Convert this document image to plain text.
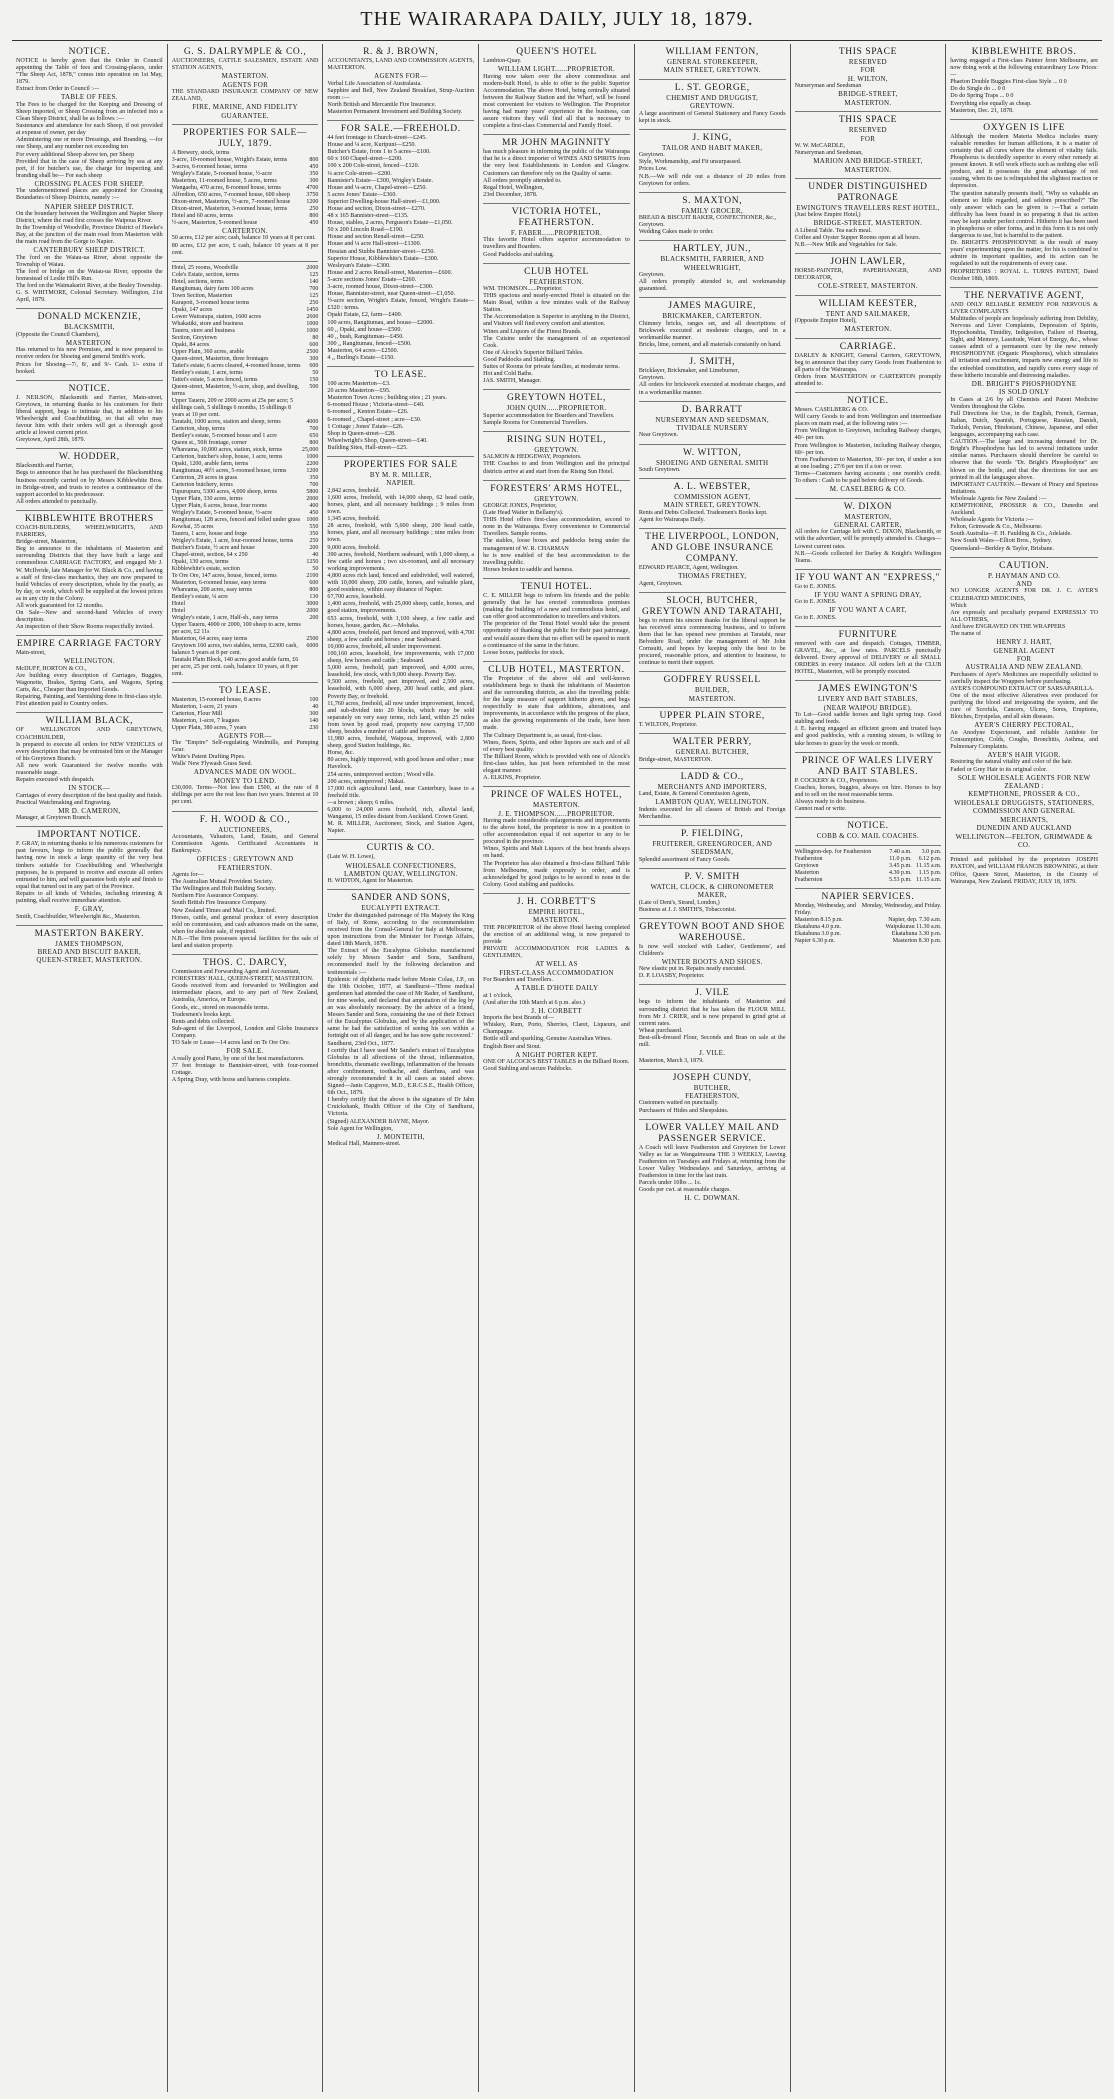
THE WAIRARAPA DAILY, JULY 18, 1879.
NOTICE.
NOTICE is hereby given that the Order in Council appointing the Table of fees and Crossing-places, under "The Sheep Act, 1878," comes into operation on 1st May, 1879.
Extract from Order in Council :—
TABLE OF FEES.
The Fees to be charged for the Keeping and Dressing of Sheep imported, or Sheep Crossing from an infected into a Clean Sheep District, shall be as follows :—
Sustenance and attendance for each Sheep, if not provided at expense of owner, per day
Administering one or more Dressings, and Branding, —for one Sheep, and any number not exceeding ten
For every additional Sheep above ten, per Sheep
Provided that in the case of Sheep arriving by sea at any port, if for butcher's use, the charge for inspecting and branding shall be— For each sheep
CROSSING PLACES FOR SHEEP.
The undermentioned places are appointed for Crossing Boundaries of Sheep Districts, namely :—
NAPIER SHEEP DISTRICT.
On the boundary between the Wellington and Napier Sheep District, where the road first crosses the Waipoua River.
In the Township of Woodville, Province District of Hawke's Bay, at the junction of the main road from Masterton with the main road from the Gorge to Napier.
CANTERBURY SHEEP DISTRICT.
The ford on the Waiau-ua River, about opposite the Township of Waiau.
The ford or bridge on the Waiau-ua River, opposite the homestead of Leslie Hill's Run.
The ford on the Waimakariri River, at the Bealey Township.
G. S. WHITMORE, Colonial Secretary. Wellington, 21st April, 1879.
DONALD MCKENZIE,
BLACKSMITH,
(Opposite the Council Chambers),
MASTERTON.
Has returned to his new Premises, and is now prepared to receive orders for Shoeing and general Smith's work.
Prices for Shoeing—7/, 8/, and 9/- Cash. 1/- extra if booked.
NOTICE.
J. NEILSON, Blacksmith and Farrier, Main-street, Greytown, in returning thanks to his customers for their liberal support, begs to intimate that, in addition to his Wheelwright and Coachbuilding, so that all who may favour him with their orders will get a thorough good article at lowest current price.
Greytown, April 28th, 1879.
W. HODDER,
Blacksmith and Farrier,
Begs to announce that he has purchased the Blacksmithing business recently carried on by Messrs Kibblewhite Bros. in Bridge-street, and trusts to receive a continuance of the support accorded to his predecessor.
All orders attended to punctually.
KIBBLEWHITE BROTHERS
COACH-BUILDERS, WHEELWRIGHTS, AND FARRIERS,
Bridge-street, Masterton,
Beg to announce to the inhabitants of Masterton and surrounding Districts that they have built a large and commodious CARRIAGE FACTORY, and engaged Mr J. W. McIlvride, late Manager for W. Black & Co., and having a staff of first-class mechanics, they are now prepared to build Vehicles of every description, whole by the yearly, as by day, or work, which will be supplied at the lowest prices as in any city in the Colony.
All work guaranteed for 12 months.
On Sale—New and second-hand Vehicles of every description.
An inspection of their Show Rooms respectfully invited.
EMPIRE CARRIAGE FACTORY
Main-street,
WELLINGTON.
McDUFF, HORTON & CO.,
Are building every description of Carriages, Buggies, Wagonette, Brakes, Spring Carts, and Wagons, Spring Carts, &c., Cheaper than Imported Goods.
Repairing, Painting, and Varnishing done in first-class style.
First attention paid to Country orders.
WILLIAM BLACK,
OF WELLINGTON AND GREYTOWN, COACHBUILDER,
Is prepared to execute all orders for NEW VEHICLES of every description that may be entrusted him or the Manager of his Greytown Branch.
All new work Guaranteed for twelve months with reasonable usage.
Repairs executed with despatch.
IN STOCK—
Carriages of every description of the best quality and finish.
Practical Watchmaking and Engraving.
MR D. CAMERON,
Manager, at Greytown Branch.
IMPORTANT NOTICE.
F. GRAY, in returning thanks to his numerous customers for past favours, begs to inform the public generally that having now in stock a large quantity of the very best timbers suitable for Coachbuilding and Wheelwright purposes, he is prepared to receive and execute all orders entrusted to him, and will guarantee both style and finish to equal that turned out in any part of the Province.
Repairs to all kinds of Vehicles, including trimming & painting, shall receive immediate attention.
F. GRAY,
Smith, Coachbuilder, Wheelwright &c., Masterton.
MASTERTON BAKERY.
JAMES THOMPSON,
BREAD AND BISCUIT BAKER,
QUEEN-STREET, MASTERTON.
G. S. DALRYMPLE & CO.,
AUCTIONEERS, CATTLE SALESMEN, ESTATE AND STATION AGENTS,
MASTERTON.
AGENTS FOR
THE STANDARD INSURANCE COMPANY OF NEW ZEALAND,
FIRE, MARINE, AND FIDELITY GUARANTEE.
PROPERTIES FOR SALE—JULY, 1879.
A Brewery, stock, terms	
3-acre, 10-roomed house, Wright's Estate, terms	800
3-acres, 6-roomed house, terms	450
Wrigley's Estate, 5-roomed house, ½-acre	350
Masterton, 11-roomed house, 5 acres, terms	300
Wangaehu, 470 acres, 8-roomed house, terms	4700
Alfredton, 650 acres, 7-roomed house, 600 sheep	3750
Dixon-street, Masterton, ½-acre, 7-roomed house	1200
Dixon-street, Masterton, 3-roomed house, terms	250
Hotel and 60 acres, terms	800
½-acre, Masterton, 5-roomed house	450
CARTERTON.
50 acres, £12 per acre; cash, balance 10 years at 8 per cent.
80 acres, £12 per acre, £ cash, balance 10 years at 8 per cent.
Hotel, 25 rooms, Woodville	2000
Cole's Estate, section, terms	125
Hotel, sections, terms	140
Rangitumau, dairy farm 100 acres	700
Town Section, Masterton	125
Karapoti, 3-roomed house terms	250
Opaki, 147 acres	1450
Lower Wairarapa, station, 1600 acres	2600
Whakatiki, store and business	1000
Taueru, store and business	1000
Section, Greytown	80
Opaki, 84 acres	600
Upper Plain, 360 acres, arable	2500
Queen-street, Masterton, three frontages	300
Taitei's estate, 6 acres cleared, 4-roomed house, terms	600
Bentley's estate, 1 acre, terms	50
Taitei's estate, 5 acres fenced, terms	150
Queen-street, Masterton, ½-acre, shop, and dwelling, terms	500
Upper Taueru, 209 or 2000 acres at 25s per acre; 5 shillings cash, 5 shillings 6 months, 15 shillings 8 years at 10 per cent.	
Taratahi, 1000 acres, station and sheep, terms	4000
Carterton, shop, terms	700
Bentley's estate, 5-roomed house and 1 acre	650
Queen st., 50ft frontage, corner	800
Whareama, 10,000 acres, station, stock, terms	25,000
Carterton, butcher's shop, house, 1 acre, terms	1000
Opaki, 1200, arable farm, terms	2200
Rangitumau, 46½ acres, 5-roomed house, terms	1200
Carterton, 29 acres in grass	350
Carterton butchery, terms	700
Tupurupuru, 5300 acres, 4,000 sheep, terms	5800
Upper Plain, 330 acres, terms	2000
Upper Plain, 6 acres, house, four rooms	400
Wrigley's Estate, 5-roomed house, ½-acre	450
Rangitumau, 128 acres, fenced and felled under grass	1000
Kowhai, 35 acres	550
Taueru, 1 acre, house and forge	350
Wrigley's Estate, 1 acre, four-roomed house, terms	250
Butcher's Estate, ½ acre and house	200
Chapel-street, section, 64 x 250	40
Opaki, 130 acres, terms	1250
Kibblewhite's estate, section	50
Te Ore Ore, 147 acres, house, fenced, terms	2100
Masterton, 6-roomed house, easy terms	600
Whareama, 200 acres, easy terms	800
Bentley's estate, ¼ acre	130
Hotel	3000
Hotel	2000
Wrigley's estate, 1 acre, Half-sh., easy terms	200
Upper Taueru, 4000 or 2000, 100 sheep to acre, terms per acre, £2 11s	
Masterton, 64 acres, easy terms	2500
Greytown 160 acres, two stables, terms, £2300 cash, balance 5 years at 8 per cent.	6000
Taratahi Plain Block, 140 acres good arable farm, £6 per acre, 25 per cent. cash, balance 10 years, at 8 per cent.	
TO LEASE.
Masterton, 15-roomed house, 8 acres	100
Masterton, 1-acre, 21 years	40
Carterton, Flour Mill	300
Masterton, 1-acre, 7 leagues	140
Upper Plain, 380 acres, 7 years	230
AGENTS FOR—
The "Empire" Self-regulating Windmills, and Pumping Gear.
White's Patent Drafting Pipes.
Walls' New Flywash Grass Seed.
ADVANCES MADE ON WOOL.
MONEY TO LEND.
£30,000. Terms—Not less than £500, at the rate of 8 shillings per acre the rest less than two years. Interest at 10 per cent.
F. H. WOOD & CO.,
AUCTIONEERS,
Accountants, Valuators, Land, Estate, and General Commission Agents. Certificated Accountants in Bankruptcy.
OFFICES : GREYTOWN AND FEATHERSTON.
Agents for—
The Australian Mutual Provident Society.
The Wellington and Holt Building Society.
Northern Fire Assurance Company.
South British Fire Insurance Company.
New Zealand Times and Mail Co., limited.
Horses, cattle, and general produce of every description sold on commission, and cash advances made on the same, when for absolute sale, if required.
N.B.—The firm possesses special facilities for the sale of land and station property.
THOS. C. DARCY,
Commission and Forwarding Agent and Accountant,
FORESTERS' HALL, QUEEN-STREET, MASTERTON.
Goods received from and forwarded to Wellington and intermediate places, and to any part of New Zealand, Australia, America, or Europe.
Goods, etc., stored on reasonable terms.
Tradesmen's books kept.
Rents and debts collected.
Sub-agent of the Liverpool, London and Globe Insurance Company.
TO Sale or Lease—14 acres land on Te Ore Ore.
FOR SALE.
A really good Piano, by one of the best manufacturers.
77 feet frontage to Bannister-street, with four-roomed Cottage.
A Spring Dray, with horse and harness complete.
R. & J. BROWN,
ACCOUNTANTS, LAND AND COMMISSION AGENTS, MASTERTON.
AGENTS FOR—
Verbal Life Association of Australasia.
Sapphire and Bell, New Zealand Breakfast, Strup-Auction room :—
North British and Mercantile Fire Insurance.
Masterton Permanent Investment and Building Society.
FOR SALE.—FREEHOLD.
44 feet frontage to Church-street—£245.
House and ¼ acre, Kuripuni—£250.
Butcher's Estate, from 1 to 5 acres—£100.
60 x 160 Chapel-street—£200.
100 x 200 Cole-street, fenced—£120.
¼ acre Cole-street—£200.
Bannister's Estate—£300, Wrigley's Estate.
House and ¼-acre, Chapel-street—£250.
5 acres Jones' Estate—£360.
Superior Dwelling-house Hall-street—£1,000.
House and section, Dixon-street—£270.
48 x 165 Bannister-street—£135.
House, stables, 2 acres, Ferguson's Estate—£1,050.
50 x 200 Lincoln Road—£190.
House and section Renall-street—£250.
House and ¼ acre Hall-street—£1300.
Hessian and Stubbs Bannister-street—£250.
Superior House, Kibblewhite's Estate—£300.
Wesleyan's Estate—£300.
House and 2 acres Renall-street, Masterton—£600.
5-acre sections Jones' Estate—£260.
3-acre, roomed house, Dixon-street—£300.
House, Bannister-street, near Queen-street—£1,050.
½-acre section, Wright's Estate, fenced, Wright's Estate—£320 : terms.
Opaki Estate, £2, farm—£400.
100 acres, Rangitumau, and house—£2000.
60 ,, Opaki, and house—£500.
40 ,, bush, Rangitumau—£450.
300 ,, Rangitumau, fenced—£500.
Masterton, 64 acres—£2500.
4 ,, Burling's Estate—£150.
TO LEASE.
100 acres Masterton—£3.
20 acres Masterton—£95.
Masterton Town Acres ; building sites ; 21 years.
6-roomed House ; Victoria-street—£40.
6-roomed ,, Kenton Estate—£26.
6-roomed ,, Chapel-street ; acre—£30.
1 Cottage ; Jones' Estate—£26.
Shop in Queen-street—£28.
Wheelwright's Shop, Queen-street—£40.
Building Sites, Hall-street—£25.
PROPERTIES FOR SALE
BY M. R. MILLER,
NAPIER.
2,842 acres, freehold.
1,600 acres, freehold, with 14,000 sheep, 62 head cattle, horses, plant, and all necessary buildings ; 9 miles from town.
1,345 acres, freehold.
28 acres, freehold, with 5,600 sheep, 200 head cattle, horses, plant, and all necessary buildings ; nine miles from town.
9,000 acres, freehold.
390 acres, freehold, Northern seaboard, with 1,000 sheep, a few cattle and horses ; two six-roomed, and all necessary working improvements.
4,800 acres rich land, fenced and subdivided, well watered, with 10,000 sheep, 200 cattle, horses, and valuable plant, good residence, within easy distance of Napier.
67,700 acres, leasehold.
1,400 acres, freehold, with 25,000 sheep, cattle, horses, and good station, improvements.
653 acres, freehold, with 1,100 sheep, a few cattle and horses, house, garden, &c.—Mohaka.
4,800 acres, freehold, part fenced and improved, with 4,700 sheep, a few cattle and horses ; near Seaboard.
10,000 acres, freehold, all under improvement.
100,160 acres, leasehold, few improvements, with 17,000 sheep, few horses and cattle ; Seaboard.
5,000 acres, freehold, part improved, and 4,000 acres, leasehold, few stock, with 9,000 sheep. Poverty Bay.
9,500 acres, freehold, part improved, and 2,500 acres, leasehold, with 6,000 sheep, 200 head cattle, and plant. Poverty Bay, or freehold.
11,760 acres, freehold, all now under improvement, fenced, and sub-divided into 20 blocks, which may be sold separately on very easy terms, rich land, within 25 miles from town by good road, property now carrying 17,500 sheep, besides a number of cattle and horses.
11,980 acres, freehold, Waipoua, improved, with 2,800 sheep, good Station buildings, &c.
Horse, &c.
80 acres, highly improved, with good house and other ; near Havelock.
254 acres, unimproved section ; Wood ville.
200 acres, unimproved ; Makai.
17,000 rich agricultural land, near Canterbury, lease to a freehold title.
—a brown ; sheep; 6 miles.
6,000 to 24,000 acres freehold, rich, alluvial land, Wanganui, 15 miles distant from Auckland. Crown Grant.
M. R. MILLER, Auctioneer, Stock, and Station Agent, Napier.
CURTIS & CO.
(Late W. H. Lowe),
WHOLESALE CONFECTIONERS,
LAMBTON QUAY, WELLINGTON.
H. WIDTON, Agent for Masterton.
SANDER AND SONS,
EUCALYPTI EXTRACT.
Under the distinguished patronage of His Majesty the King of Italy, of Rome, according to the recommendation received from the Consul-General for Italy at Melbourne, upon instructions from the Minister for Foreign Affairs, dated 18th March, 1878.
The Extract of the Eucalyptus Globulus manufactured solely by Messrs Sander and Sons, Sandhurst, recommended itself by the following declaration and testimonials :—
Epidemic of diphtheria made before Monte Colau, J.P., on the 19th October, 1877, at Sandhurst—'Three medical gentlemen had attended the case of Mr Rader, of Sandhurst, for nine weeks, and declared that amputation of the leg by an was absolutely necessary. By the advice of a friend, Messrs Sander and Sons, containing the use of their Extract of the Eucalyptus Globulus, and by the application of the same he had the satisfaction of seeing his son within a fortnight out of all danger, and he has now quite recovered.'
Sandhurst, 23rd Oct., 1877.
I certify that I have used Mr Sander's extract of Eucalyptus Globulus in all affections of the throat, inflammation, bronchitis, rheumatic swellings, inflammation of the breasts after confinement, toothache, and diarrhœa, and was strongly recommended it in all cases as stated above. Signed—Janis Capgrove, M.D., E.R.C.S.E., Health Officer, 6th Oct., 1879.
I hereby certify that the above is the signature of Dr Jahn Cruickshank, Health Officer of the City of Sandhurst, Victoria.
(Signed) ALEXANDER BAYNE, Mayor.
Sole Agent for Wellington,
J. MONTEITH,
Medical Hall, Manners-street.
QUEEN'S HOTEL
Lambton-Quay.
WILLIAM LIGHT......PROPRIETOR.
Having now taken over the above commodious and modern-built Hotel, is able to offer to the public Superior Accommodation. The above Hotel, being centrally situated between the Railway Station and the Wharf, will be found most convenient for visitors to Wellington. The Proprietor having had many years' experience in the business, can assure visitors they will find all that is necessary to complete a first-class Commercial and Family Hotel.
MR JOHN MAGINNITY
has much pleasure in informing the public of the Wairarapa that he is a direct importer of WINES AND SPIRITS from the very best Establishments in London and Glasgow. Customers can therefore rely on the Quality of same.
All orders promptly attended to.
Regal Hotel, Wellington,
23rd December, 1878.
VICTORIA HOTEL, FEATHERSTON.
F. FABER......PROPRIETOR.
This favorite Hotel offers superior accommodation to travellers and Boarders.
Good Paddocks and stabling.
CLUB HOTEL
FEATHERSTON.
WM. THOMSON......Proprietor.
THIS spacious and nearly-erected Hotel is situated on the Main Road, within a few minutes walk of the Railway Station.
The Accommodation is Superior to anything in the District, and Visitors will find every comfort and attention.
Wines and Liquors of the Finest Brands.
The Cuisine under the management of an experienced Cook.
One of Alcock's Superior Billiard Tables.
Good Paddocks and Stabling.
Suites of Rooms for private families, at moderate terms.
Hot and Cold Baths.
JAS. SMITH, Manager.
GREYTOWN HOTEL,
JOHN QUIN......PROPRIETOR.
Superior accommodation for Boarders and Travellers.
Sample Rooms for Commercial Travellers.
RISING SUN HOTEL,
GREYTOWN.
SALMON & HEDGEWAY, Proprietors.
THE Coaches to and from Wellington and the principal districts arrive at and start from the Rising Sun Hotel.
FORESTERS' ARMS HOTEL,
GREYTOWN.
GEORGE JONES, Proprietor,
(Late Head Waiter in Bellamy's).
THIS Hotel offers first-class accommodation, second to none in the Wairarapa. Every convenience to Commercial Travellers. Sample rooms.
The stables, loose boxes and paddocks being under the management of W. R. CHARMAN
he is now enabled of the best accommodation to the travelling public.
Horses broken to saddle and harness.
TENUI HOTEL.
C. E. MILLER begs to inform his friends and the public generally that he has erected commodious premises (making the building of a new and commodious hotel, and can offer good accommodation to travellers and visitors.
The proprietor of the Tenui Hotel would take the present opportunity of thanking the public for their past patronage, and would assure them that no effort will be spared to merit a continuance of the same in the future.
Loose boxes, paddocks for stock.
CLUB HOTEL, MASTERTON.
The Proprietor of the above old and well-known establishment begs to thank the inhabitants of Masterton and the surrounding districts, as also the travelling public for the large measure of support hitherto given, and begs respectfully to state that additions, alterations, and improvements, in accordance with the progress of the place, as also the growing requirements of the trade, have been made.
The Culinary Department is, as usual, first-class.
Wines, Beers, Spirits, and other liquors are such and of all of every best quality.
The Billiard Room, which is provided with one of Alcock's first-class tables, has just been refurnished in the most elegant manner.
A. ELKINS, Proprietor.
PRINCE OF WALES HOTEL,
MASTERTON.
J. E. THOMPSON......PROPRIETOR.
Having made considerable enlargements and improvements to the above hotel, the proprietor is now in a position to offer accommodation equal if not superior to any to be procured in the province.
Wines, Spirits and Malt Liquors of the best brands always on hand.
The Proprietor has also obtained a first-class Billiard Table from Melbourne, made expressly to order, and is acknowledged by good judges to be second to none in the Colony. Good stabling and paddocks.
J. H. CORBETT'S
EMPIRE HOTEL,
MASTERTON.
THE PROPRIETOR of the above Hotel having completed the erection of an additional wing, is now prepared to provide
PRIVATE ACCOMMODATION FOR LADIES & GENTLEMEN,
AT WELL AS
FIRST-CLASS ACCOMMODATION
For Boarders and Travellers.
A TABLE D'HOTE DAILY
at 1 o'clock,
(And after the 10th March at 6 p.m. also.)
J. H. CORBETT
Imports the best Brands of—
Whiskey, Rum, Porto, Sherries, Claret, Liqueurs, and Champagne.
Bottle still and sparkling, Genuine Australian Wines.
English Beer and Stout.
A NIGHT PORTER KEPT.
ONE OF ALCOCK'S BEST TABLES in the Billiard Room.
Good Stabling and secure Paddocks.
WILLIAM FENTON,
GENERAL STOREKEEPER,
MAIN STREET, GREYTOWN.
L. ST. GEORGE,
CHEMIST AND DRUGGIST,
GREYTOWN.
A large assortment of General Stationery and Fancy Goods kept in stock.
J. KING,
TAILOR AND HABIT MAKER,
Greytown.
Style, Workmanship, and Fit unsurpassed.
Prices Low.
N.B.—We will ride out a distance of 20 miles from Greytown for orders.
S. MAXTON,
FAMILY GROCER,
BREAD & BISCUIT BAKER, CONFECTIONER, &c.,
Greytown.
Wedding Cakes made to order.
HARTLEY, JUN.,
BLACKSMITH, FARRIER, AND WHEELWRIGHT,
Greytown.
All orders promptly attended to, and workmanship guaranteed.
JAMES MAGUIRE,
BRICKMAKER, CARTERTON.
Chimney bricks, ranges set, and all descriptions of Brickwork executed at moderate charges, and in a workmanlike manner.
Bricks, lime, cement, and all materials constantly on hand.
J. SMITH,
Bricklayer, Brickmaker, and Limeburner,
Greytown.
All orders for brickwork executed at moderate charges, and in a workmanlike manner.
D. BARRATT
NURSERYMAN AND SEEDSMAN,
TIVIDALE NURSERY
Near Greytown.
W. WITTON,
SHOEING AND GENERAL SMITH
South Greytown.
A. L. WEBSTER,
COMMISSION AGENT,
MAIN STREET, GREYTOWN.
Rents and Debts Collected. Tradesmen's Books kept.
Agent for Wairarapa Daily.
THE LIVERPOOL, LONDON, AND GLOBE INSURANCE COMPANY.
EDWARD PEARCE, Agent, Wellington.
THOMAS FRETHEY,
Agent, Greytown.
SLOCH, BUTCHER, GREYTOWN AND TARATAHI,
begs to return his sincere thanks for the liberal support he has received since commencing business, and to inform them that he has opened new premises at Taratahi, near Belvedere Road, under the management of Mr John Cornsuitt, and hopes by keeping only the best to be procured, reasonable prices, and attention to business, to continue to merit their support.
GODFREY RUSSELL
BUILDER,
MASTERTON.
UPPER PLAIN STORE,
T. WILTON, Proprietor.
WALTER PERRY,
GENERAL BUTCHER,
Bridge-street, MASTERTON.
LADD & CO.,
MERCHANTS AND IMPORTERS,
Land, Estate, & General Commission Agents,
LAMBTON QUAY, WELLINGTON.
Indents executed for all classes of British and Foreign Merchandise.
P. FIELDING,
FRUITERER, GREENGROCER, AND SEEDSMAN,
Splendid assortment of Fancy Goods.
P. V. SMITH
WATCH, CLOCK, & CHRONOMETER MAKER,
(Late of Dent's, Strand, London,)
Business at J. J. SMITH'S, Tobacconist.
GREYTOWN BOOT AND SHOE WAREHOUSE.
Is now well stocked with Ladies', Gentlemens', and Children's
WINTER BOOTS AND SHOES.
New elastic put in. Repairs neatly executed.
D. P. LOASBY, Proprietor.
J. VILE
begs to inform the inhabitants of Masterton and surrounding district that he has taken the FLOUR MILL from Mr J. CRIER, and is now prepared to grind grist at current rates.
Wheat purchased.
Best-silk-dressed Flour, Seconds and Bran on sale at the mill.
J. VILE.
Masterton, March 3, 1879.
JOSEPH CUNDY,
BUTCHER,
FEATHERSTON,
Customers waited on punctually.
Purchasers of Hides and Sheepskins.
LOWER VALLEY MAIL AND PASSENGER SERVICE.
A Coach will leave Featherston and Greytown for Lower Valley as far as Wangaimoana THE 3 WEEKLY, Leaving Featherston on Tuesdays and Fridays at, returning from the Lower Valley Wednesdays and Saturdays, arriving at Featherston in time for the last train.
Parcels under 10lbs ... 1s.
Goods per cwt. at reasonable charges.
H. C. DOWMAN.
THIS SPACE
RESERVED
FOR
H. WILTON,
Nurseryman and Seedsman
BRIDGE-STREET,
MASTERTON.
THIS SPACE
RESERVED
FOR
W. W. McCARDLE,
Nurseryman and Seedsman,
MARION AND BRIDGE-STREET,
MASTERTON.
UNDER DISTINGUISHED PATRONAGE
EWINGTON'S TRAVELLERS REST HOTEL,
(Just below Empire Hotel,)
BRIDGE-STREET, MASTERTON.
A Liberal Table. Tea each meal.
Coffee and Oyster Supper Rooms open at all hours.
N.B.—New Milk and Vegetables for Sale.
JOHN LAWLER,
HORSE-PAINTER, PAPERHANGER, AND DECORATOR,
COLE-STREET, MASTERTON.
WILLIAM KEESTER,
TENT AND SAILMAKER,
(Opposite Empire Hotel),
MASTERTON.
CARRIAGE.
DARLEY & KNIGHT, General Carriers, GREYTOWN, beg to announce that they carry Goods from Featherston to all parts of the Wairarapa.
Orders from MASTERTON or CARTERTON promptly attended to.
NOTICE.
Messrs. CASELBERG & CO.
Will carry Goods to and from Wellington and intermediate places on main road, at the following rates :—
From Wellington to Greytown, including Railway charges, 40/- per ton.
From Wellington to Masterton, including Railway charges, 60/- per ton.
From Featherston to Masterton, 30/- per ton, if under a ton at one loading ; 27/6 per ton if a ton or over.
Terms—Customers having accounts ; one month's credit. To others : Cash to be paid before delivery of Goods.
M. CASELBERG & CO.
W. DIXON
MASTERTON,
GENERAL CARTER,
All orders for Carriage left with C. DIXON, Blacksmith, or with the advertiser, will be promptly attended to. Charges—Lowest current rates.
N.B.—Goods collected for Darley & Knight's Wellington Teams.
IF YOU WANT AN "EXPRESS,"
Go to E. JONES.
IF YOU WANT A SPRING DRAY,
Go to E. JONES.
IF YOU WANT A CART,
Go to E. JONES.
FURNITURE
removed with care and despatch. Cottages, TIMBER, GRAVEL, &c., at low rates. PARCELS punctually delivered. Every approval of DELIVERY or all SMALL ORDERS in every instance. All orders left at the CLUB HOTEL, Masterton, will be promptly executed.
JAMES EWINGTON'S
LIVERY AND BAIT STABLES,
(NEAR WAIPOU BRIDGE).
To Let—Good saddle horses and light spring trap. Good stabling and feeds.
J. E. having engaged an efficient groom and trusted bays and good paddocks, with a running stream, is willing to take horses to graze by the week or month.
PRINCE OF WALES LIVERY AND BAIT STABLES.
P. COCKERY & CO., Proprietors.
Coaches, horses, buggies, always on hire. Horses to buy and to sell on the most reasonable terms.
Always ready to do business.
Cannot read or write.
NOTICE.
COBB & CO. MAIL COACHES.
Wellington-dep. for Featherston	7.40 a.m.	3.0 p.m.
Featherston	11.0 p.m.	6.12 p.m.
Greytown	3.45 p.m.	11.15 a.m.
Masterton	4.30 p.m.	1.15 p.m.
Featherston	5.53 p.m.	11.15 a.m.
NAPIER SERVICES.
Monday, Wednesday, and Friday.	Monday, Wednesday, and Friday.
Masterton 8.15 p.m.	Napier, dep. 7.30 a.m.
Ekatahuna 4.0 p.m.	Waipukurau 11.30 a.m.
Ekatahuna 3.0 p.m.	Ekatahuna 3.30 p.m.
Napier 6.30 p.m.	Masterton 8.30 p.m.
KIBBLEWHITE BROS.
having engaged a First-class Painter from Melbourne, are now doing work at the following extraordinary Low Prices:—
Phaeton Double Buggies First-class Style ... 0 0
Do do Single do ... 0 0
Do do Spring Traps ... 0 0
Everything else equally as cheap.
Masterton, Dec. 21, 1878.
OXYGEN IS LIFE
Although the modern Materia Medica includes many valuable remedies for human afflictions, it is a matter of certainty that all cures where the element of vitality fails. Phosphorus is decidedly superior to every other remedy at present known. It will work effects such as nothing else will produce, and it possesses the great advantage of not causing, when its use is relinquished the slightest reaction or depression.
The question naturally presents itself, "Why so valuable an element so little regarded, and seldom prescribed?" The only answer which can be given is :—That a certain difficulty has been found in so preparing it that its action may be kept under perfect control. Hitherto it has been used in phosphorus or other forms, and in this form it is not only dangerous to use, but is harmful to the patient.
Dr. BRIGHT'S PHOSPHODYNE is the result of many years' experimenting upon the matter, for his is combined to admire its important qualities, and its action can be regulated to suit the requirements of every case.
PROPRIETORS : ROYAL L. TURNS PATENT, Dated October 18th, 1869.
THE NERVATIVE AGENT,
AND ONLY RELIABLE REMEDY FOR NERVOUS & LIVER COMPLAINTS
Multitudes of people are hopelessly suffering from Debility, Nervous and Liver Complaints, Depression of Spirits, Hypochondria, Timidity, Indigestion, Failure of Hearing, Sight, and Memory, Lassitude, Want of Energy, &c., whose causes admit of a permanent cure by the new remedy PHOSPHODYNE (Organic Phosphorus), which stimulates all irritation and excitement, imparts new energy and life to the enfeebled constitution, and rapidly cures every stage of these hitherto incurable and distressing maladies.
DR. BRIGHT'S PHOSPHODYNE
IS SOLD ONLY
In Cases at 2/6 by all Chemists and Patent Medicine Vendors throughout the Globe.
Full Directions for Use, in the English, French, German, Italian, Dutch, Spanish, Portuguese, Russian, Danish, Turkish, Persian, Hindostani, Chinese, Japanese, and other languages, accompanying each case.
CAUTION.—The large and increasing demand for Dr. Bright's Phosphodyne has led to several imitations under similar names. Purchasers should therefore be careful to observe that the words "Dr. Bright's Phosphodyne" are blown on the bottle, and that the directions for use are printed in all the languages above.
IMPORTANT CAUTION.—Beware of Piracy and Spurious Imitations.
Wholesale Agents for New Zealand :—
KEMPTHORNE, PROSSER & CO., Dunedin and Auckland.
Wholesale Agents for Victoria :—
Felton, Grimwade & Co., Melbourne.
South Australia—F. H. Faulding & Co., Adelaide.
New South Wales—Elliott Bros., Sydney.
Queensland—Berkley & Taylor, Brisbane.
CAUTION.
P. HAYMAN AND CO.
AND
NO LONGER AGENTS FOR DR. J. C. AYER'S CELEBRATED MEDICINES,
Which
Are expressly and peculiarly prepared EXPRESSLY TO ALL OTHERS,
And have ENGRAVED ON THE WRAPPERS
The name of
HENRY J. HART,
GENERAL AGENT
FOR
AUSTRALIA AND NEW ZEALAND.
Purchasers of Ayer's Medicines are respectfully solicited to carefully inspect the Wrappers before purchasing.
AYER'S COMPOUND EXTRACT OF SARSAPARILLA.
One of the most effective Alteratives ever produced for purifying the blood and invigorating the system, and the cure of Scrofula, Cancers, Ulcers, Sores, Eruptions, Blotches, Erysipelas, and all skin diseases.
AYER'S CHERRY PECTORAL,
An Anodyne Expectorant, and reliable Antidote for Consumption, Colds, Coughs, Bronchitis, Asthma, and Pulmonary Complaints.
AYER'S HAIR VIGOR.
Restoring the natural vitality and color of the hair.
Faded or Grey Hair to its original color.
SOLE WHOLESALE AGENTS FOR NEW ZEALAND :
KEMPTHORNE, PROSSER & CO.,
WHOLESALE DRUGGISTS, STATIONERS,
COMMISSION AND GENERAL MERCHANTS,
DUNEDIN AND AUCKLAND
WELLINGTON—FELTON, GRIMWADE & CO.
Printed and published by the proprietors JOSEPH PAXTON, and WILLIAM FRANCIS BROWNING, at their Office, Queen Street, Masterton, in the County of Wairarapa, New Zealand. FRIDAY, JULY 18, 1879.
